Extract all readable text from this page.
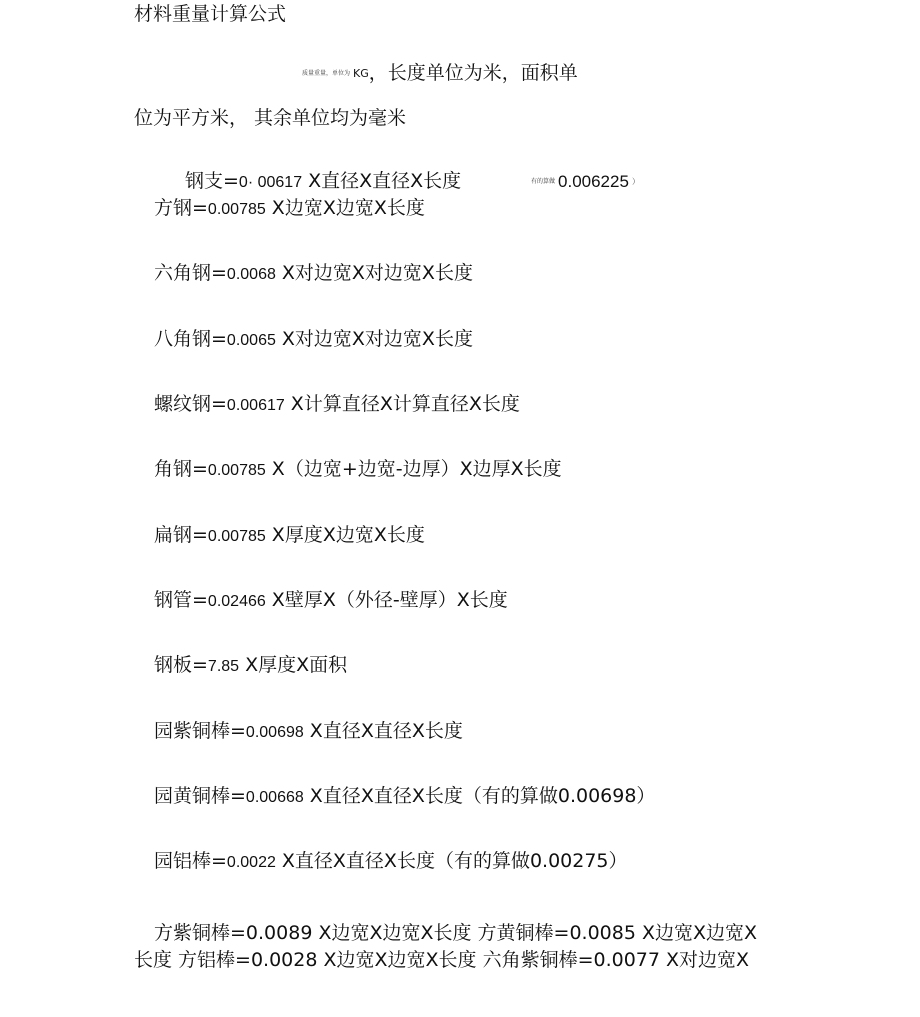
材料重量计算公式
质量重量，单位为 KG，长度单位为米，面积单
位为平方米， 其余单位均为毫米
钢支=0· 00617 X直径X直径X长度	有的算做 0.006225 ）
方钢=0.00785 X边宽X边宽X长度
六角钢=0.0068 X对边宽X对边宽X长度
八角钢=0.0065 X对边宽X对边宽X长度
螺纹钢=0.00617 X计算直径X计算直径X长度
角钢=0.00785 X（边宽+边宽-边厚）X边厚X长度
扁钢=0.00785 X厚度X边宽X长度
钢管=0.02466 X壁厚X（外径-壁厚）X长度
钢板=7.85 X厚度X面积
园紫铜棒=0.00698 X直径X直径X长度
园黄铜棒=0.00668 X直径X直径X长度（有的算做0.00698）
园铝棒=0.0022 X直径X直径X长度（有的算做0.00275）
方紫铜棒=0.0089 X边宽X边宽X长度 方黄铜棒=0.0085 X边宽X边宽X
长度 方铝棒=0.0028 X边宽X边宽X长度 六角紫铜棒=0.0077 X对边宽X
